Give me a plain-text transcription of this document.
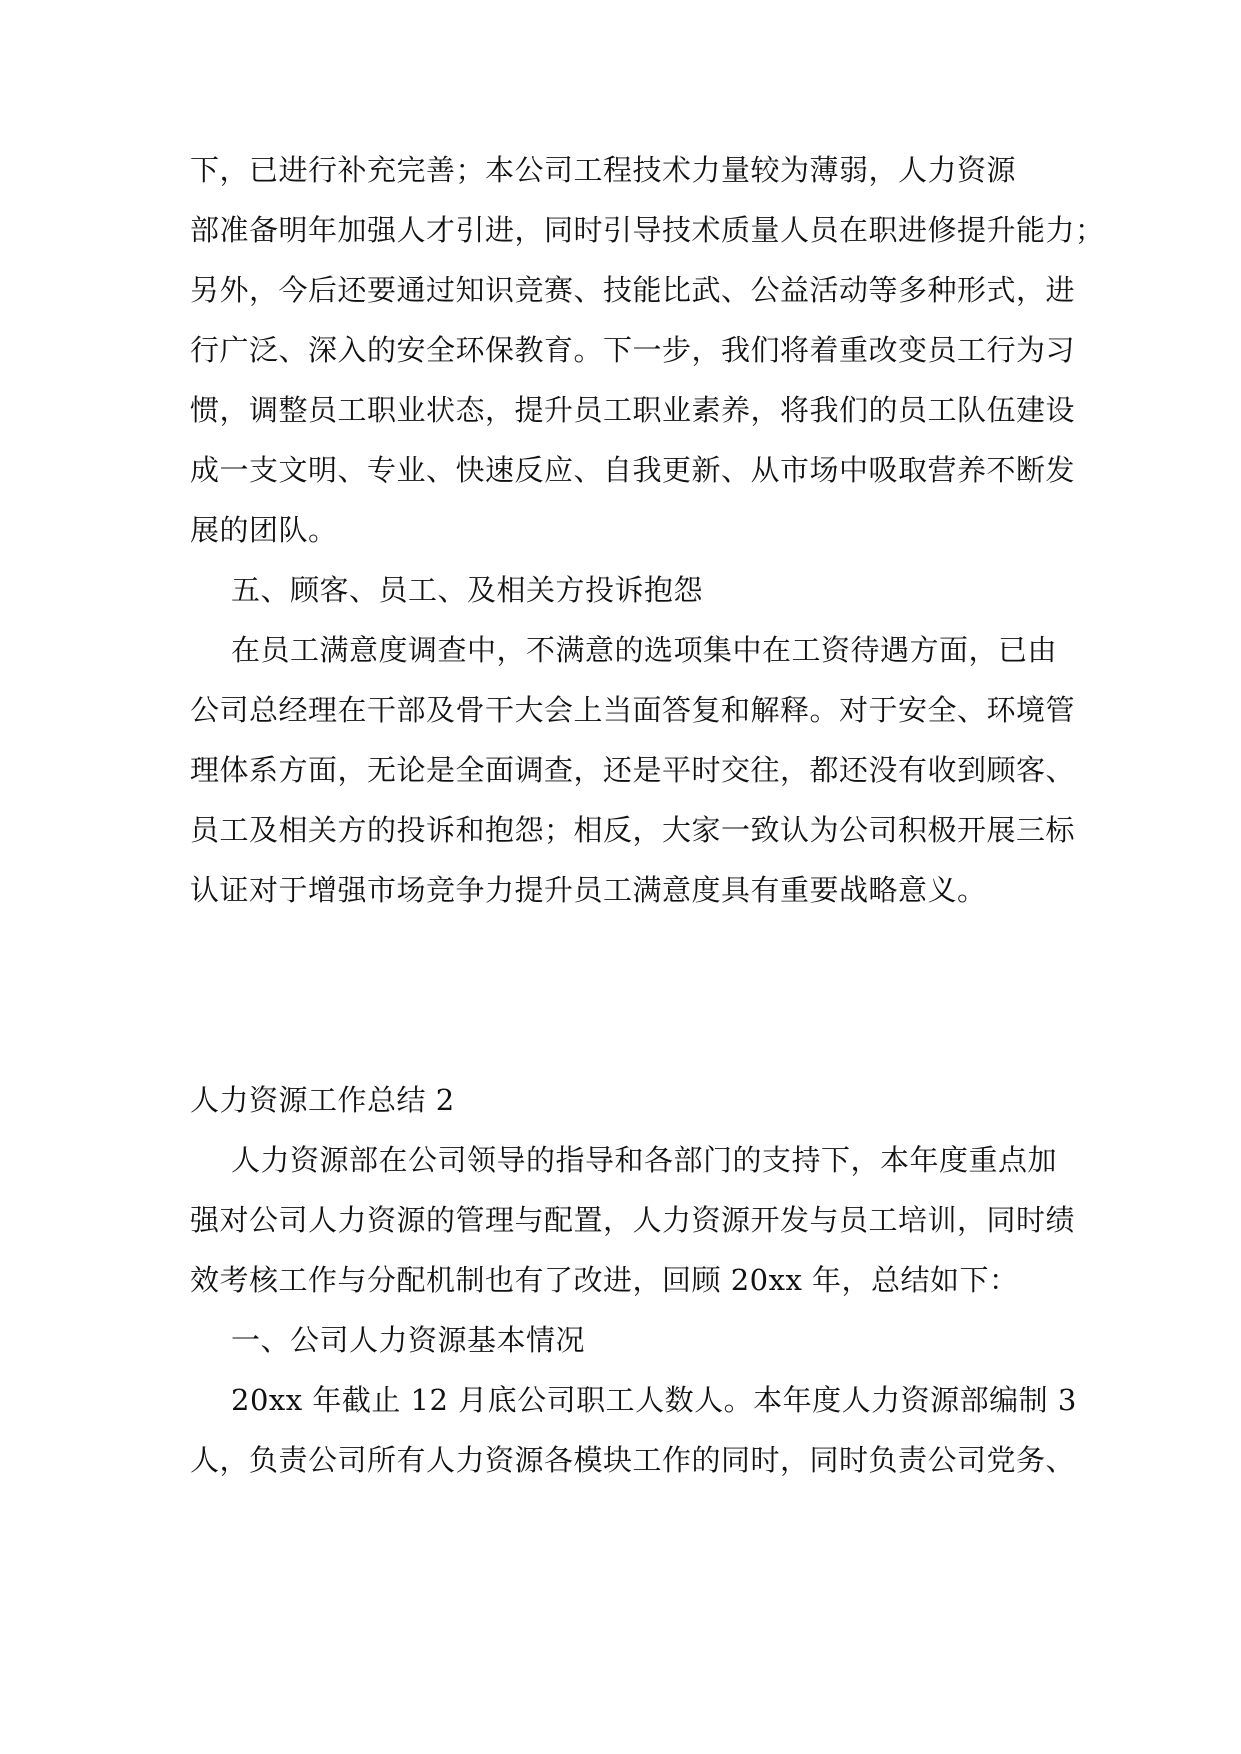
下，已进行补充完善；本公司工程技术力量较为薄弱，人力资源
部准备明年加强人才引进，同时引导技术质量人员在职进修提升能力；
另外，今后还要通过知识竞赛、技能比武、公益活动等多种形式，进
行广泛、深入的安全环保教育。下一步，我们将着重改变员工行为习
惯，调整员工职业状态，提升员工职业素养，将我们的员工队伍建设
成一支文明、专业、快速反应、自我更新、从市场中吸取营养不断发
展的团队。
五、顾客、员工、及相关方投诉抱怨
在员工满意度调查中，不满意的选项集中在工资待遇方面，已由
公司总经理在干部及骨干大会上当面答复和解释。对于安全、环境管
理体系方面，无论是全面调查，还是平时交往，都还没有收到顾客、
员工及相关方的投诉和抱怨；相反，大家一致认为公司积极开展三标
认证对于增强市场竞争力提升员工满意度具有重要战略意义。
人力资源工作总结 2
人力资源部在公司领导的指导和各部门的支持下，本年度重点加
强对公司人力资源的管理与配置，人力资源开发与员工培训，同时绩
效考核工作与分配机制也有了改进，回顾 20xx 年，总结如下：
一、公司人力资源基本情况
20xx 年截止 12 月底公司职工人数人。本年度人力资源部编制 3
人，负责公司所有人力资源各模块工作的同时，同时负责公司党务、
